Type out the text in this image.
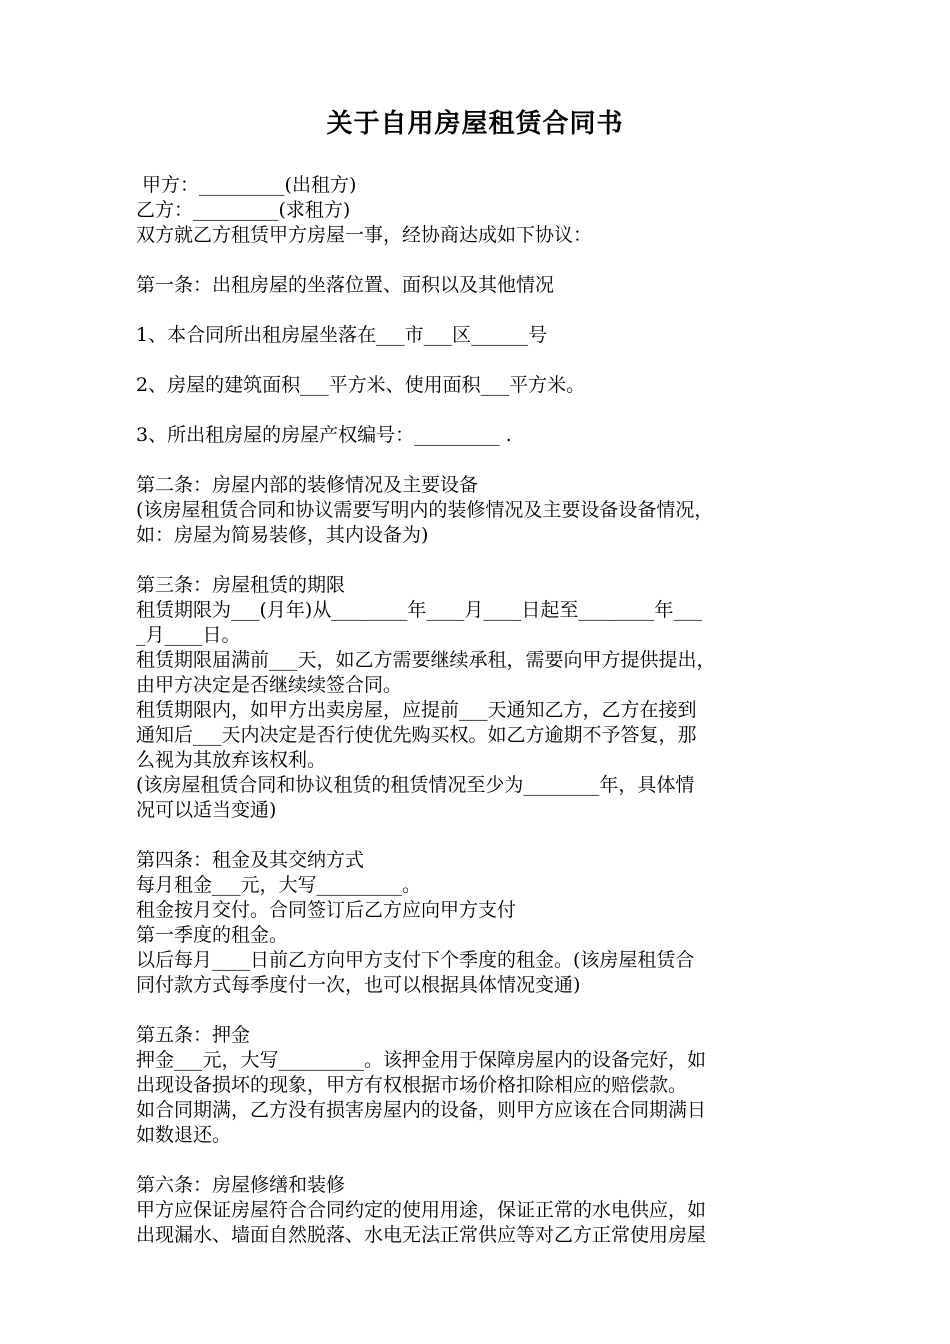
关于自用房屋租赁合同书
甲方：_________(出租方)
乙方：_________(求租方)
双方就乙方租赁甲方房屋一事，经协商达成如下协议：
第一条：出租房屋的坐落位置、面积以及其他情况
1、本合同所出租房屋坐落在___市___区______号
2、房屋的建筑面积___平方米、使用面积___平方米。
3、所出租房屋的房屋产权编号：_________ .
第二条：房屋内部的装修情况及主要设备
(该房屋租赁合同和协议需要写明内的装修情况及主要设备设备情况，
如：房屋为简易装修，其内设备为)
第三条：房屋租赁的期限
租赁期限为___(月年)从________年____月____日起至________年___
_月____日。
租赁期限届满前___天，如乙方需要继续承租，需要向甲方提供提出，
由甲方决定是否继续续签合同。
租赁期限内，如甲方出卖房屋，应提前___天通知乙方，乙方在接到
通知后___天内决定是否行使优先购买权。如乙方逾期不予答复，那
么视为其放弃该权利。
(该房屋租赁合同和协议租赁的租赁情况至少为________年，具体情
况可以适当变通)
第四条：租金及其交纳方式
每月租金___元，大写_________。
租金按月交付。合同签订后乙方应向甲方支付
第一季度的租金。
以后每月____日前乙方向甲方支付下个季度的租金。(该房屋租赁合
同付款方式每季度付一次，也可以根据具体情况变通)
第五条：押金
押金___元，大写_________。该押金用于保障房屋内的设备完好，如
出现设备损坏的现象，甲方有权根据市场价格扣除相应的赔偿款。
如合同期满，乙方没有损害房屋内的设备，则甲方应该在合同期满日
如数退还。
第六条：房屋修缮和装修
甲方应保证房屋符合合同约定的使用用途，保证正常的水电供应，如
出现漏水、墙面自然脱落、水电无法正常供应等对乙方正常使用房屋
